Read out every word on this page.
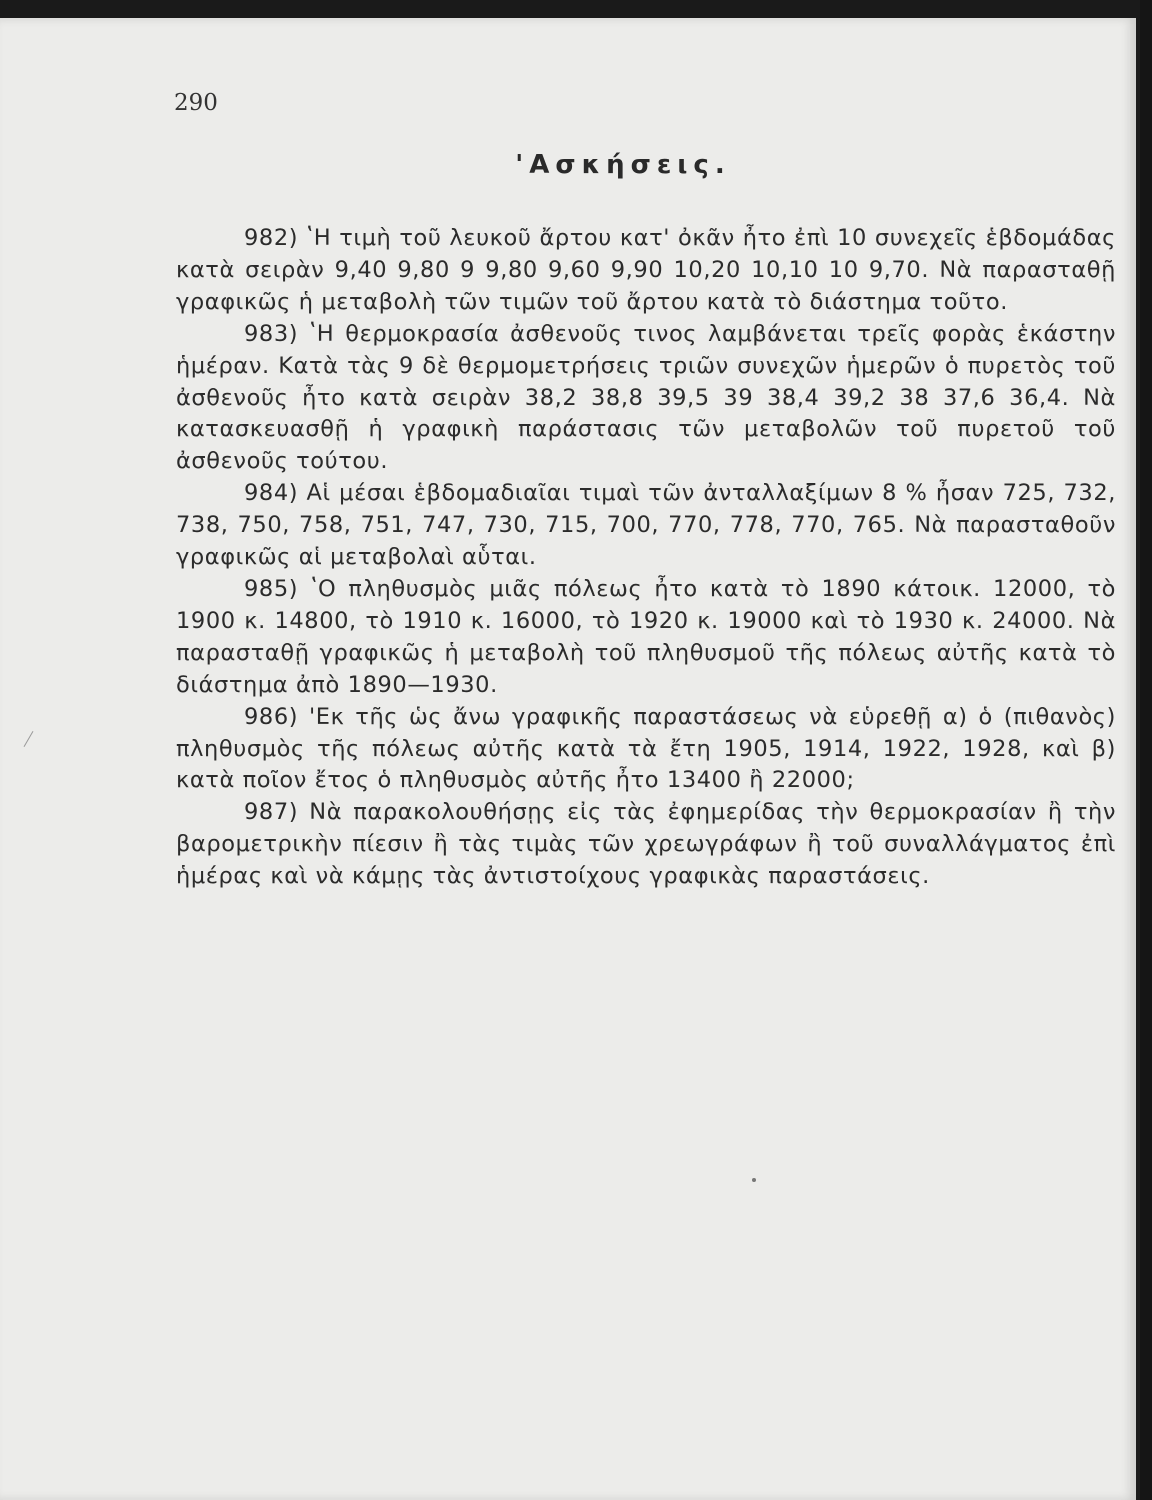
290

'Ασκήσεις.

982) ʽΗ τιμὴ τοῦ λευκοῦ ἄρτου κατ' ὀκᾶν ἦτο ἐπὶ 10 συνεχεῖς ἑβδομάδας κατὰ σειρὰν 9,40 9,80 9 9,80 9,60 9,90 10,20 10,10 10 9,70. Νὰ παρασταθῇ γραφικῶς ἡ μεταβολὴ τῶν τιμῶν τοῦ ἄρτου κατὰ τὸ διάστημα τοῦτο.

983) ʽΗ θερμοκρασία ἀσθενοῦς τινος λαμβάνεται τρεῖς φορὰς ἑκάστην ἡμέραν. Κατὰ τὰς 9 δὲ θερμομετρήσεις τριῶν συνεχῶν ἡμερῶν ὁ πυρετὸς τοῦ ἀσθενοῦς ἦτο κατὰ σειρὰν 38,2 38,8 39,5 39 38,4 39,2 38 37,6 36,4. Νὰ κατασκευασθῇ ἡ γραφικὴ παράστασις τῶν μεταβολῶν τοῦ πυρετοῦ τοῦ ἀσθενοῦς τούτου.

984) Αἱ μέσαι ἑβδομαδιαῖαι τιμαὶ τῶν ἀνταλλαξίμων 8 % ἦσαν 725, 732, 738, 750, 758, 751, 747, 730, 715, 700, 770, 778, 770, 765. Νὰ παρασταθοῦν γραφικῶς αἱ μεταβολαὶ αὗται.

985) ʽΟ πληθυσμὸς μιᾶς πόλεως ἦτο κατὰ τὸ 1890 κάτοικ. 12000, τὸ 1900 κ. 14800, τὸ 1910 κ. 16000, τὸ 1920 κ. 19000 καὶ τὸ 1930 κ. 24000. Νὰ παρασταθῇ γραφικῶς ἡ μεταβολὴ τοῦ πληθυσμοῦ τῆς πόλεως αὐτῆς κατὰ τὸ διάστημα ἀπὸ 1890—1930.

986) 'Εκ τῆς ὡς ἄνω γραφικῆς παραστάσεως νὰ εὑρεθῇ α) ὁ (πιθανὸς) πληθυσμὸς τῆς πόλεως αὐτῆς κατὰ τὰ ἔτη 1905, 1914, 1922, 1928, καὶ β) κατὰ ποῖον ἔτος ὁ πληθυσμὸς αὐτῆς ἦτο 13400 ἢ 22000;

987) Νὰ παρακολουθήσῃς εἰς τὰς ἐφημερίδας τὴν θερμοκρασίαν ἢ τὴν βαρομετρικὴν πίεσιν ἢ τὰς τιμὰς τῶν χρεωγράφων ἢ τοῦ συναλλάγματος ἐπὶ ἡμέρας καὶ νὰ κάμῃς τὰς ἀντιστοίχους γραφικὰς παραστάσεις.
